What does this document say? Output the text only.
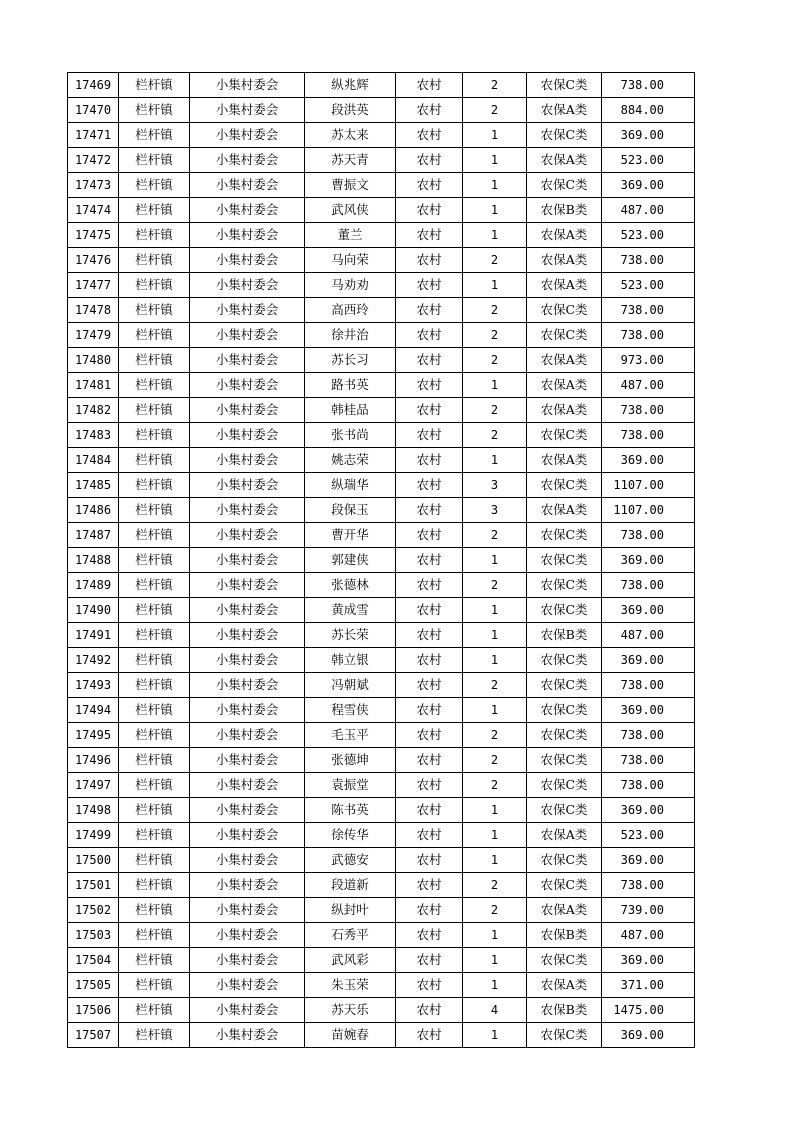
17469	栏杆镇	小集村委会	纵兆辉	农村	2	农保C类	738.00
17470	栏杆镇	小集村委会	段洪英	农村	2	农保A类	884.00
17471	栏杆镇	小集村委会	苏太来	农村	1	农保C类	369.00
17472	栏杆镇	小集村委会	苏天青	农村	1	农保A类	523.00
17473	栏杆镇	小集村委会	曹振文	农村	1	农保C类	369.00
17474	栏杆镇	小集村委会	武风侠	农村	1	农保B类	487.00
17475	栏杆镇	小集村委会	董兰	农村	1	农保A类	523.00
17476	栏杆镇	小集村委会	马向荣	农村	2	农保A类	738.00
17477	栏杆镇	小集村委会	马劝劝	农村	1	农保A类	523.00
17478	栏杆镇	小集村委会	高西玲	农村	2	农保C类	738.00
17479	栏杆镇	小集村委会	徐井治	农村	2	农保C类	738.00
17480	栏杆镇	小集村委会	苏长习	农村	2	农保A类	973.00
17481	栏杆镇	小集村委会	路书英	农村	1	农保A类	487.00
17482	栏杆镇	小集村委会	韩桂品	农村	2	农保A类	738.00
17483	栏杆镇	小集村委会	张书尚	农村	2	农保C类	738.00
17484	栏杆镇	小集村委会	姚志荣	农村	1	农保A类	369.00
17485	栏杆镇	小集村委会	纵瑞华	农村	3	农保C类	1107.00
17486	栏杆镇	小集村委会	段保玉	农村	3	农保A类	1107.00
17487	栏杆镇	小集村委会	曹开华	农村	2	农保C类	738.00
17488	栏杆镇	小集村委会	郭建侠	农村	1	农保C类	369.00
17489	栏杆镇	小集村委会	张德林	农村	2	农保C类	738.00
17490	栏杆镇	小集村委会	黄成雪	农村	1	农保C类	369.00
17491	栏杆镇	小集村委会	苏长荣	农村	1	农保B类	487.00
17492	栏杆镇	小集村委会	韩立银	农村	1	农保C类	369.00
17493	栏杆镇	小集村委会	冯朝斌	农村	2	农保C类	738.00
17494	栏杆镇	小集村委会	程雪侠	农村	1	农保C类	369.00
17495	栏杆镇	小集村委会	毛玉平	农村	2	农保C类	738.00
17496	栏杆镇	小集村委会	张德坤	农村	2	农保C类	738.00
17497	栏杆镇	小集村委会	袁振堂	农村	2	农保C类	738.00
17498	栏杆镇	小集村委会	陈书英	农村	1	农保C类	369.00
17499	栏杆镇	小集村委会	徐传华	农村	1	农保A类	523.00
17500	栏杆镇	小集村委会	武德安	农村	1	农保C类	369.00
17501	栏杆镇	小集村委会	段道新	农村	2	农保C类	738.00
17502	栏杆镇	小集村委会	纵封叶	农村	2	农保A类	739.00
17503	栏杆镇	小集村委会	石秀平	农村	1	农保B类	487.00
17504	栏杆镇	小集村委会	武风彩	农村	1	农保C类	369.00
17505	栏杆镇	小集村委会	朱玉荣	农村	1	农保A类	371.00
17506	栏杆镇	小集村委会	苏天乐	农村	4	农保B类	1475.00
17507	栏杆镇	小集村委会	苗婉春	农村	1	农保C类	369.00
